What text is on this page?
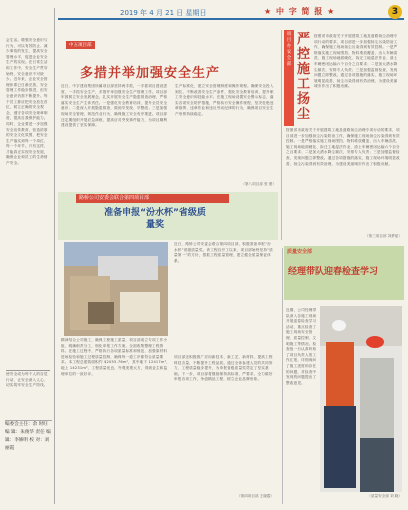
会生活。增强安全意识与行为，可以有效防止、减少事故的发生，提高安全管理水平，促进企业安全生产的实现。在日常生活和工作中，安全生产贯穿始终，安全意识不可缺少。近年来，企业安全管理体系已日渐完善，安全管理工作稳步推进，但安全意识仍需不断提升。每个员工都应把安全放在首位，树立正确的安全观念，遵守各项安全规章制度，提高自我保护能力。同时，企业要进一步加强安全宣传教育，营造浓厚的安全文化氛围，把安全生产落实到每一个岗位、每一个环节。只有这样，才能真正实现安全发展，确保企业和员工的生命财产安全。
使安全成为每个人的自觉行动，让安全深入人心，切实筑牢安全生产防线。
编委会主任：余 时旺 编 辑：朱俊华 责任 编 辑：李修明 校 对：刘丽霞
2019 年 4 月 21 日 星期日	★ 中 字 简 报 ★	3
中五项目部
多措并举加强安全生产
近日，中字建设集团所属项目部坚持两手抓，一手抓项目建设进度，一手抓安全生产，多措并举加强安全生产管理工作。项目部牢固树立安全发展理念，扎实开展安全生产隐患排查治理，严格落实安全生产主体责任。一是强化安全教育培训，提升全员安全意识；二是深入开展隐患排查，做到早发现、早整改；三是加强现场安全管理，规范作业行为，确保施工安全有序推进。项目部还定期组织开展应急演练，提高应对突发事件能力，为项目顺利建设提供了坚实保障。
生产标准化，建立安全管理制度和操作规程。确保安全投入到位，不断改善安全生产条件，强化安全教育培训，提升职工安全意识和技能水平。在施工现场设置安全警示标志，落实各项安全防护措施，严格执行安全操作规程，坚决杜绝违章指挥、违章作业和违反劳动纪律的行为，确保项目安全生产形势持续稳定。
（第八项目部 张 蕾）
项目办安全部
严控施工扬尘
按照省市政府关于开展建筑工地及道路扬尘治理专项行动的要求，项目部进一步加强扬尘污染防治工作，确保施工现场扬尘污染得到有效控制。一是严格落实施工现场围挡、物料堆放覆盖、出入车辆清洗、施工现场地面硬化、拆迁工地湿法作业、渣土车辆密闭运输六个百分之百要求；二是加大洒水降尘频次，安排专人负责；三是加强监督检查，发现问题立即整改。通过各项措施的落实，施工现场环境明显改善，扬尘污染得到有效治理，为建设美丽城市作出了积极贡献。
按照省市政府关于开展建筑工地及道路扬尘治理专项行动的要求，项目部进一步加强扬尘污染防治工作，确保施工现场扬尘污染得到有效控制。一是严格落实施工现场围挡、物料堆放覆盖、出入车辆清洗、施工现场地面硬化、拆迁工地湿法作业、渣土车辆密闭运输六个百分之百要求；二是加大洒水降尘频次，安排专人负责；三是加强监督检查，发现问题立即整改。通过各项措施的落实，施工现场环境明显改善，扬尘污染得到有效治理，为建设美丽城市作出了积极贡献。
（第三项目部 刘梦茹）
路桥公司安委会联合第四项目部
准备申报“汾水杯”省级质量奖
近日，路桥公司安委会联合第四项目部，积极准备申报“汾水杯”省级质量奖。该工程自开工以来，项目部始终坚持“质量第一”的方针，狠抓工程质量管理，建立健全质量保证体系。
精神结合公司施工，确保工程施工质量，项目部成立专项工作小组，明确职责分工，细化申报工作方案，全面收集整理工程资料。在施工过程中，严格执行各项质量标准和规范，加强原材料进场检验和施工过程质量控制，确保每一道工序都符合质量要求。本工程总建筑面积约 $2055.76m²，其中地下 12417m²，地上 14231m²，工程质量优良，外观美观大方，得到业主和监理单位的一致好评。
项目部还积极推广应用新技术、新工艺、新材料，提高工程科技含量，不断提升工程品质。通过全体参建人员的共同努力，工程质量稳步提升，为申报省级质量奖奠定了坚实基础。下一步，项目部将继续保持高标准、严要求，全力做好申报各项工作，争创精品工程，树立企业品牌形象。
（第四项目部 王晓霞）
质量安全部
经理带队迎春检查学习
近期，公司经理带队深入各施工现场开展迎春检查学习活动，重点检查了施工现场安全管理、质量控制、文明施工等情况。检查组一行认真听取了项目负责人的工作汇报，详细询问了施工进度和存在的问题，对检查中发现的问题提出了整改意见。
（质量安全部 刘 晓）
